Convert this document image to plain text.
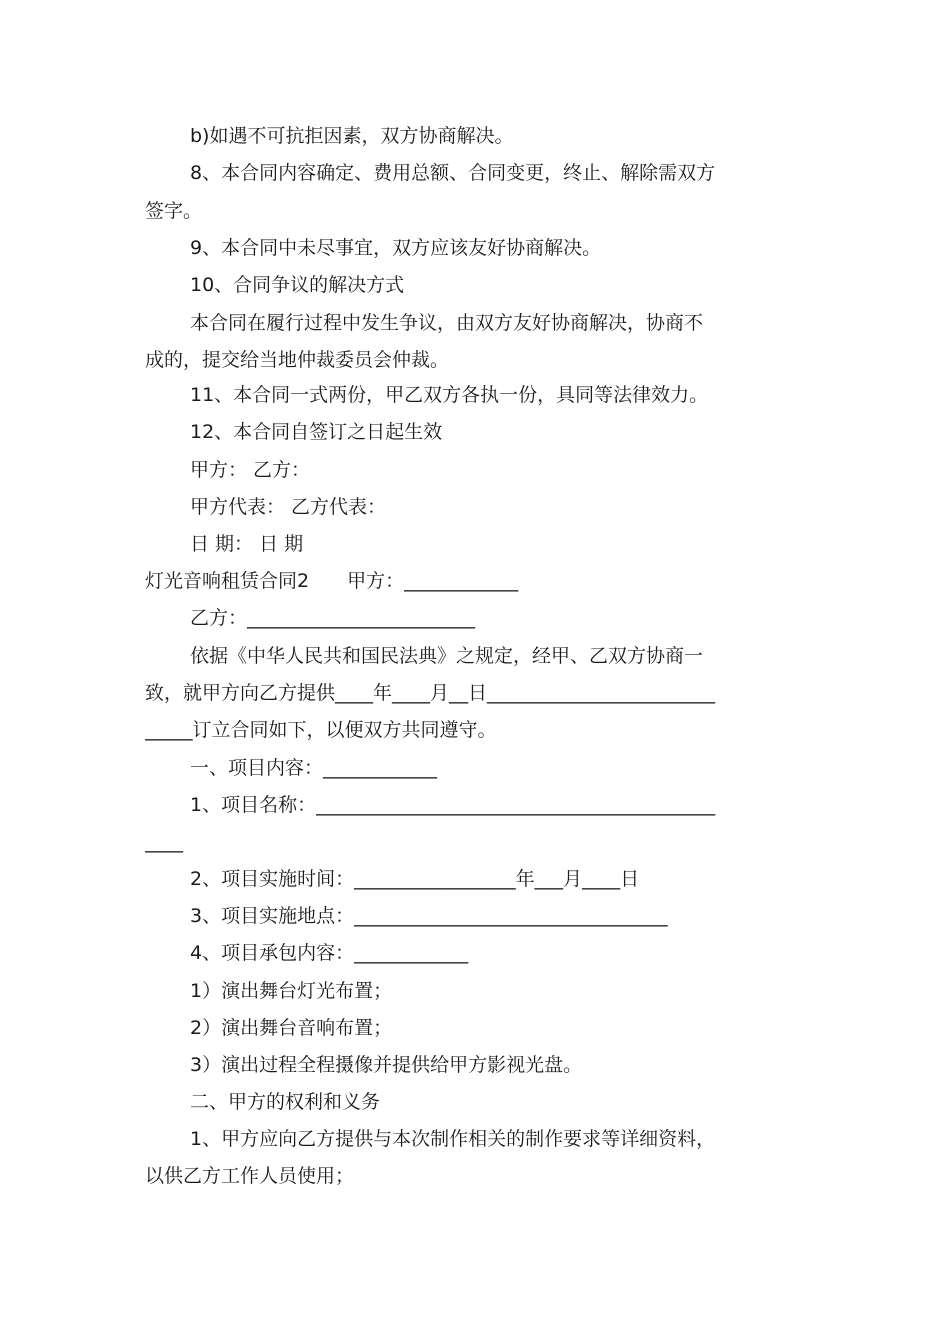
b)如遇不可抗拒因素，双方协商解决。
8、本合同内容确定、费用总额、合同变更，终止、解除需双方
签字。
9、本合同中未尽事宜，双方应该友好协商解决。
10、合同争议的解决方式
本合同在履行过程中发生争议，由双方友好协商解决，协商不
成的，提交给当地仲裁委员会仲裁。
11、本合同一式两份，甲乙双方各执一份，具同等法律效力。
12、本合同自签订之日起生效
甲方： 乙方：
甲方代表： 乙方代表：
日 期： 日 期
灯光音响租赁合同2　　甲方：____________
乙方：________________________
依据《中华人民共和国民法典》之规定，经甲、乙双方协商一
致，就甲方向乙方提供____年____月__日________________________
_____订立合同如下，以便双方共同遵守。
一、项目内容：____________
1、项目名称：__________________________________________
____
2、项目实施时间：_________________年___月____日
3、项目实施地点：_________________________________
4、项目承包内容：____________
1）演出舞台灯光布置；
2）演出舞台音响布置；
3）演出过程全程摄像并提供给甲方影视光盘。
二、甲方的权利和义务
1、甲方应向乙方提供与本次制作相关的制作要求等详细资料，
以供乙方工作人员使用；
